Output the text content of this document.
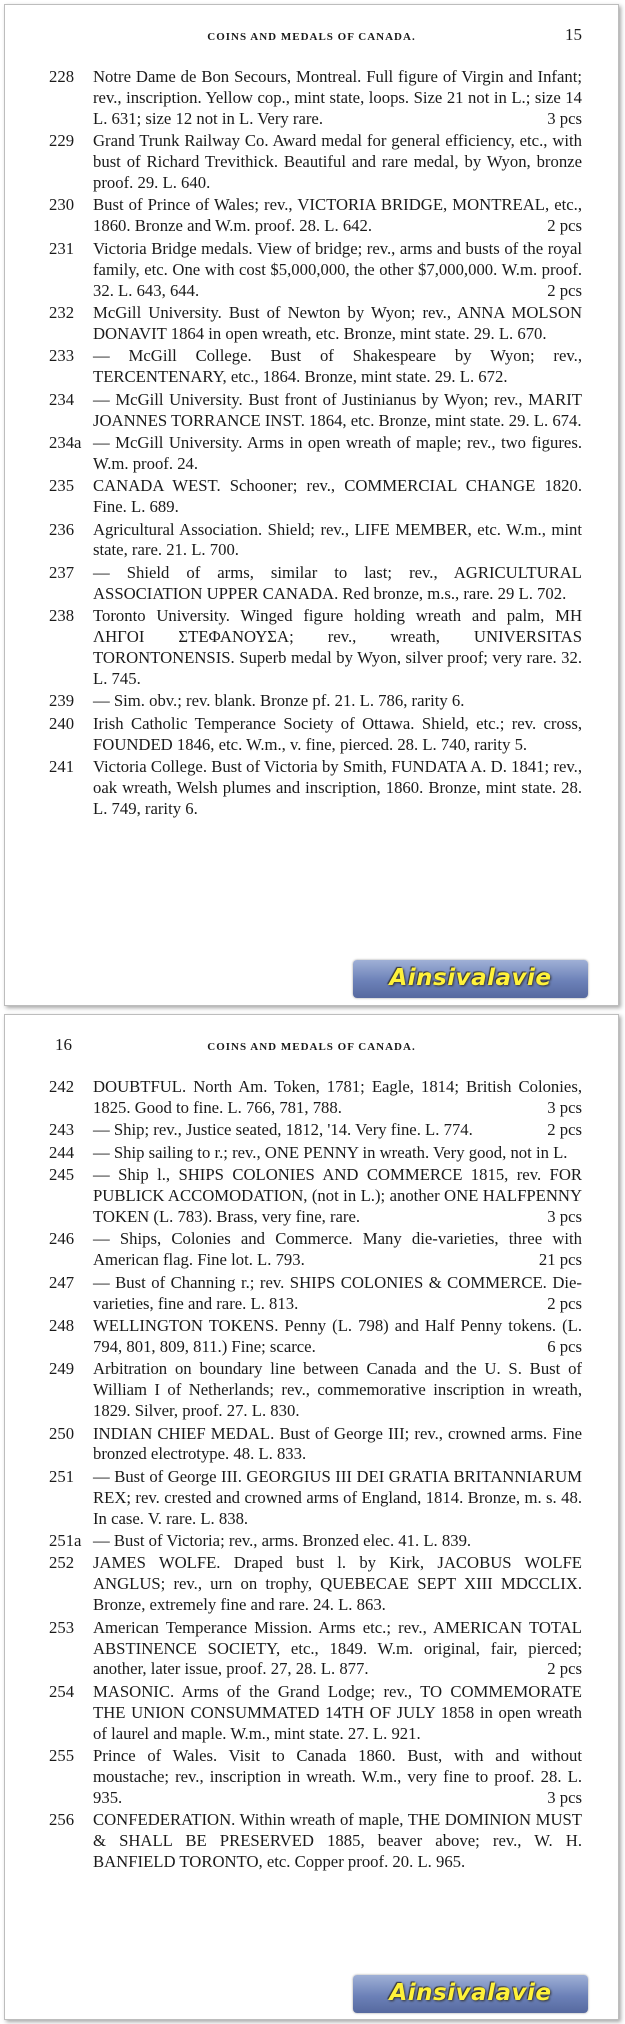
COINS AND MEDALS OF CANADA.	15
228	Notre Dame de Bon Secours, Montreal. Full figure of Virgin and Infant; rev., inscription. Yellow cop., mint state, loops. Size 21 not in L.; size 14 L. 631; size 12 not in L. Very rare.	3 pcs
229	Grand Trunk Railway Co. Award medal for general efficiency, etc., with bust of Richard Trevithick. Beautiful and rare medal, by Wyon, bronze proof. 29. L. 640.
230	Bust of Prince of Wales; rev., VICTORIA BRIDGE, MONTREAL, etc., 1860. Bronze and W.m. proof. 28. L. 642.	2 pcs
231	Victoria Bridge medals. View of bridge; rev., arms and busts of the royal family, etc. One with cost $5,000,000, the other $7,000,000. W.m. proof. 32. L. 643, 644.	2 pcs
232	McGill University. Bust of Newton by Wyon; rev., ANNA MOLSON DONAVIT 1864 in open wreath, etc. Bronze, mint state. 29. L. 670.
233	— McGill College. Bust of Shakespeare by Wyon; rev., TERCENTENARY, etc., 1864. Bronze, mint state. 29. L. 672.
234	— McGill University. Bust front of Justinianus by Wyon; rev., MARIT JOANNES TORRANCE INST. 1864, etc. Bronze, mint state. 29. L. 674.
234a — McGill University. Arms in open wreath of maple; rev., two figures. W.m. proof. 24.
235	CANADA WEST. Schooner; rev., COMMERCIAL CHANGE 1820. Fine. L. 689.
236	Agricultural Association. Shield; rev., LIFE MEMBER, etc. W.m., mint state, rare. 21. L. 700.
237	— Shield of arms, similar to last; rev., AGRICULTURAL ASSOCIATION UPPER CANADA. Red bronze, m.s., rare. 29 L. 702.
238	Toronto University. Winged figure holding wreath and palm, ΜΗ ΛΗΓΟΙ ΣΤΕΦΑΝΟΥΣΑ; rev., wreath, UNIVERSITAS TORONTONENSIS. Superb medal by Wyon, silver proof; very rare. 32. L. 745.
239	— Sim. obv.; rev. blank. Bronze pf. 21. L. 786, rarity 6.
240	Irish Catholic Temperance Society of Ottawa. Shield, etc.; rev. cross, FOUNDED 1846, etc. W.m., v. fine, pierced. 28. L. 740, rarity 5.
241	Victoria College. Bust of Victoria by Smith, FUNDATA A. D. 1841; rev., oak wreath, Welsh plumes and inscription, 1860. Bronze, mint state. 28. L. 749, rarity 6.
Ainsivalavie
16	COINS AND MEDALS OF CANADA.
242	DOUBTFUL. North Am. Token, 1781; Eagle, 1814; British Colonies, 1825. Good to fine. L. 766, 781, 788.	3 pcs
243	— Ship; rev., Justice seated, 1812, '14. Very fine. L. 774.	2 pcs
244	— Ship sailing to r.; rev., ONE PENNY in wreath. Very good, not in L.
245	— Ship l., SHIPS COLONIES AND COMMERCE 1815, rev. FOR PUBLICK ACCOMODATION, (not in L.); another ONE HALFPENNY TOKEN (L. 783). Brass, very fine, rare.	3 pcs
246	— Ships, Colonies and Commerce. Many die-varieties, three with American flag. Fine lot. L. 793.	21 pcs
247	— Bust of Channing r.; rev. SHIPS COLONIES & COMMERCE. Die-varieties, fine and rare. L. 813.	2 pcs
248	WELLINGTON TOKENS. Penny (L. 798) and Half Penny tokens. (L. 794, 801, 809, 811.) Fine; scarce.	6 pcs
249	Arbitration on boundary line between Canada and the U. S. Bust of William I of Netherlands; rev., commemorative inscription in wreath, 1829. Silver, proof. 27. L. 830.
250	INDIAN CHIEF MEDAL. Bust of George III; rev., crowned arms. Fine bronzed electrotype. 48. L. 833.
251	— Bust of George III. GEORGIUS III DEI GRATIA BRITANNIARUM REX; rev. crested and crowned arms of England, 1814. Bronze, m. s. 48. In case. V. rare. L. 838.
251a — Bust of Victoria; rev., arms. Bronzed elec. 41. L. 839.
252	JAMES WOLFE. Draped bust l. by Kirk, JACOBUS WOLFE ANGLUS; rev., urn on trophy, QUEBECAE SEPT XIII MDCCLIX. Bronze, extremely fine and rare. 24. L. 863.
253	American Temperance Mission. Arms etc.; rev., AMERICAN TOTAL ABSTINENCE SOCIETY, etc., 1849. W.m. original, fair, pierced; another, later issue, proof. 27, 28. L. 877.	2 pcs
254	MASONIC. Arms of the Grand Lodge; rev., TO COMMEMORATE THE UNION CONSUMMATED 14TH OF JULY 1858 in open wreath of laurel and maple. W.m., mint state. 27. L. 921.
255	Prince of Wales. Visit to Canada 1860. Bust, with and without moustache; rev., inscription in wreath. W.m., very fine to proof. 28. L. 935.	3 pcs
256	CONFEDERATION. Within wreath of maple, THE DOMINION MUST & SHALL BE PRESERVED 1885, beaver above; rev., W. H. BANFIELD TORONTO, etc. Copper proof. 20. L. 965.
Ainsivalavie
